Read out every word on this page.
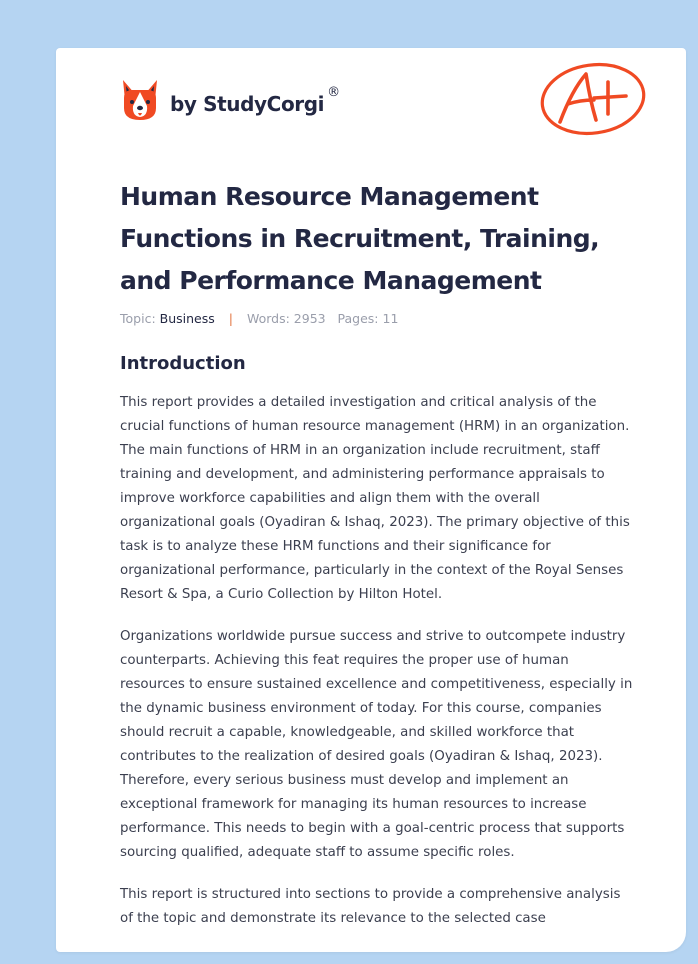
by StudyCorgi ®
Human Resource Management Functions in Recruitment, Training, and Performance Management
Topic: Business | Words: 2953 Pages: 11
Introduction

This report provides a detailed investigation and critical analysis of the crucial functions of human resource management (HRM) in an organization. The main functions of HRM in an organization include recruitment, staff training and development, and administering performance appraisals to improve workforce capabilities and align them with the overall organizational goals (Oyadiran & Ishaq, 2023). The primary objective of this task is to analyze these HRM functions and their significance for organizational performance, particularly in the context of the Royal Senses Resort & Spa, a Curio Collection by Hilton Hotel.

Organizations worldwide pursue success and strive to outcompete industry counterparts. Achieving this feat requires the proper use of human resources to ensure sustained excellence and competitiveness, especially in the dynamic business environment of today. For this course, companies should recruit a capable, knowledgeable, and skilled workforce that contributes to the realization of desired goals (Oyadiran & Ishaq, 2023). Therefore, every serious business must develop and implement an exceptional framework for managing its human resources to increase performance. This needs to begin with a goal-centric process that supports sourcing qualified, adequate staff to assume specific roles.

This report is structured into sections to provide a comprehensive analysis of the topic and demonstrate its relevance to the selected case
